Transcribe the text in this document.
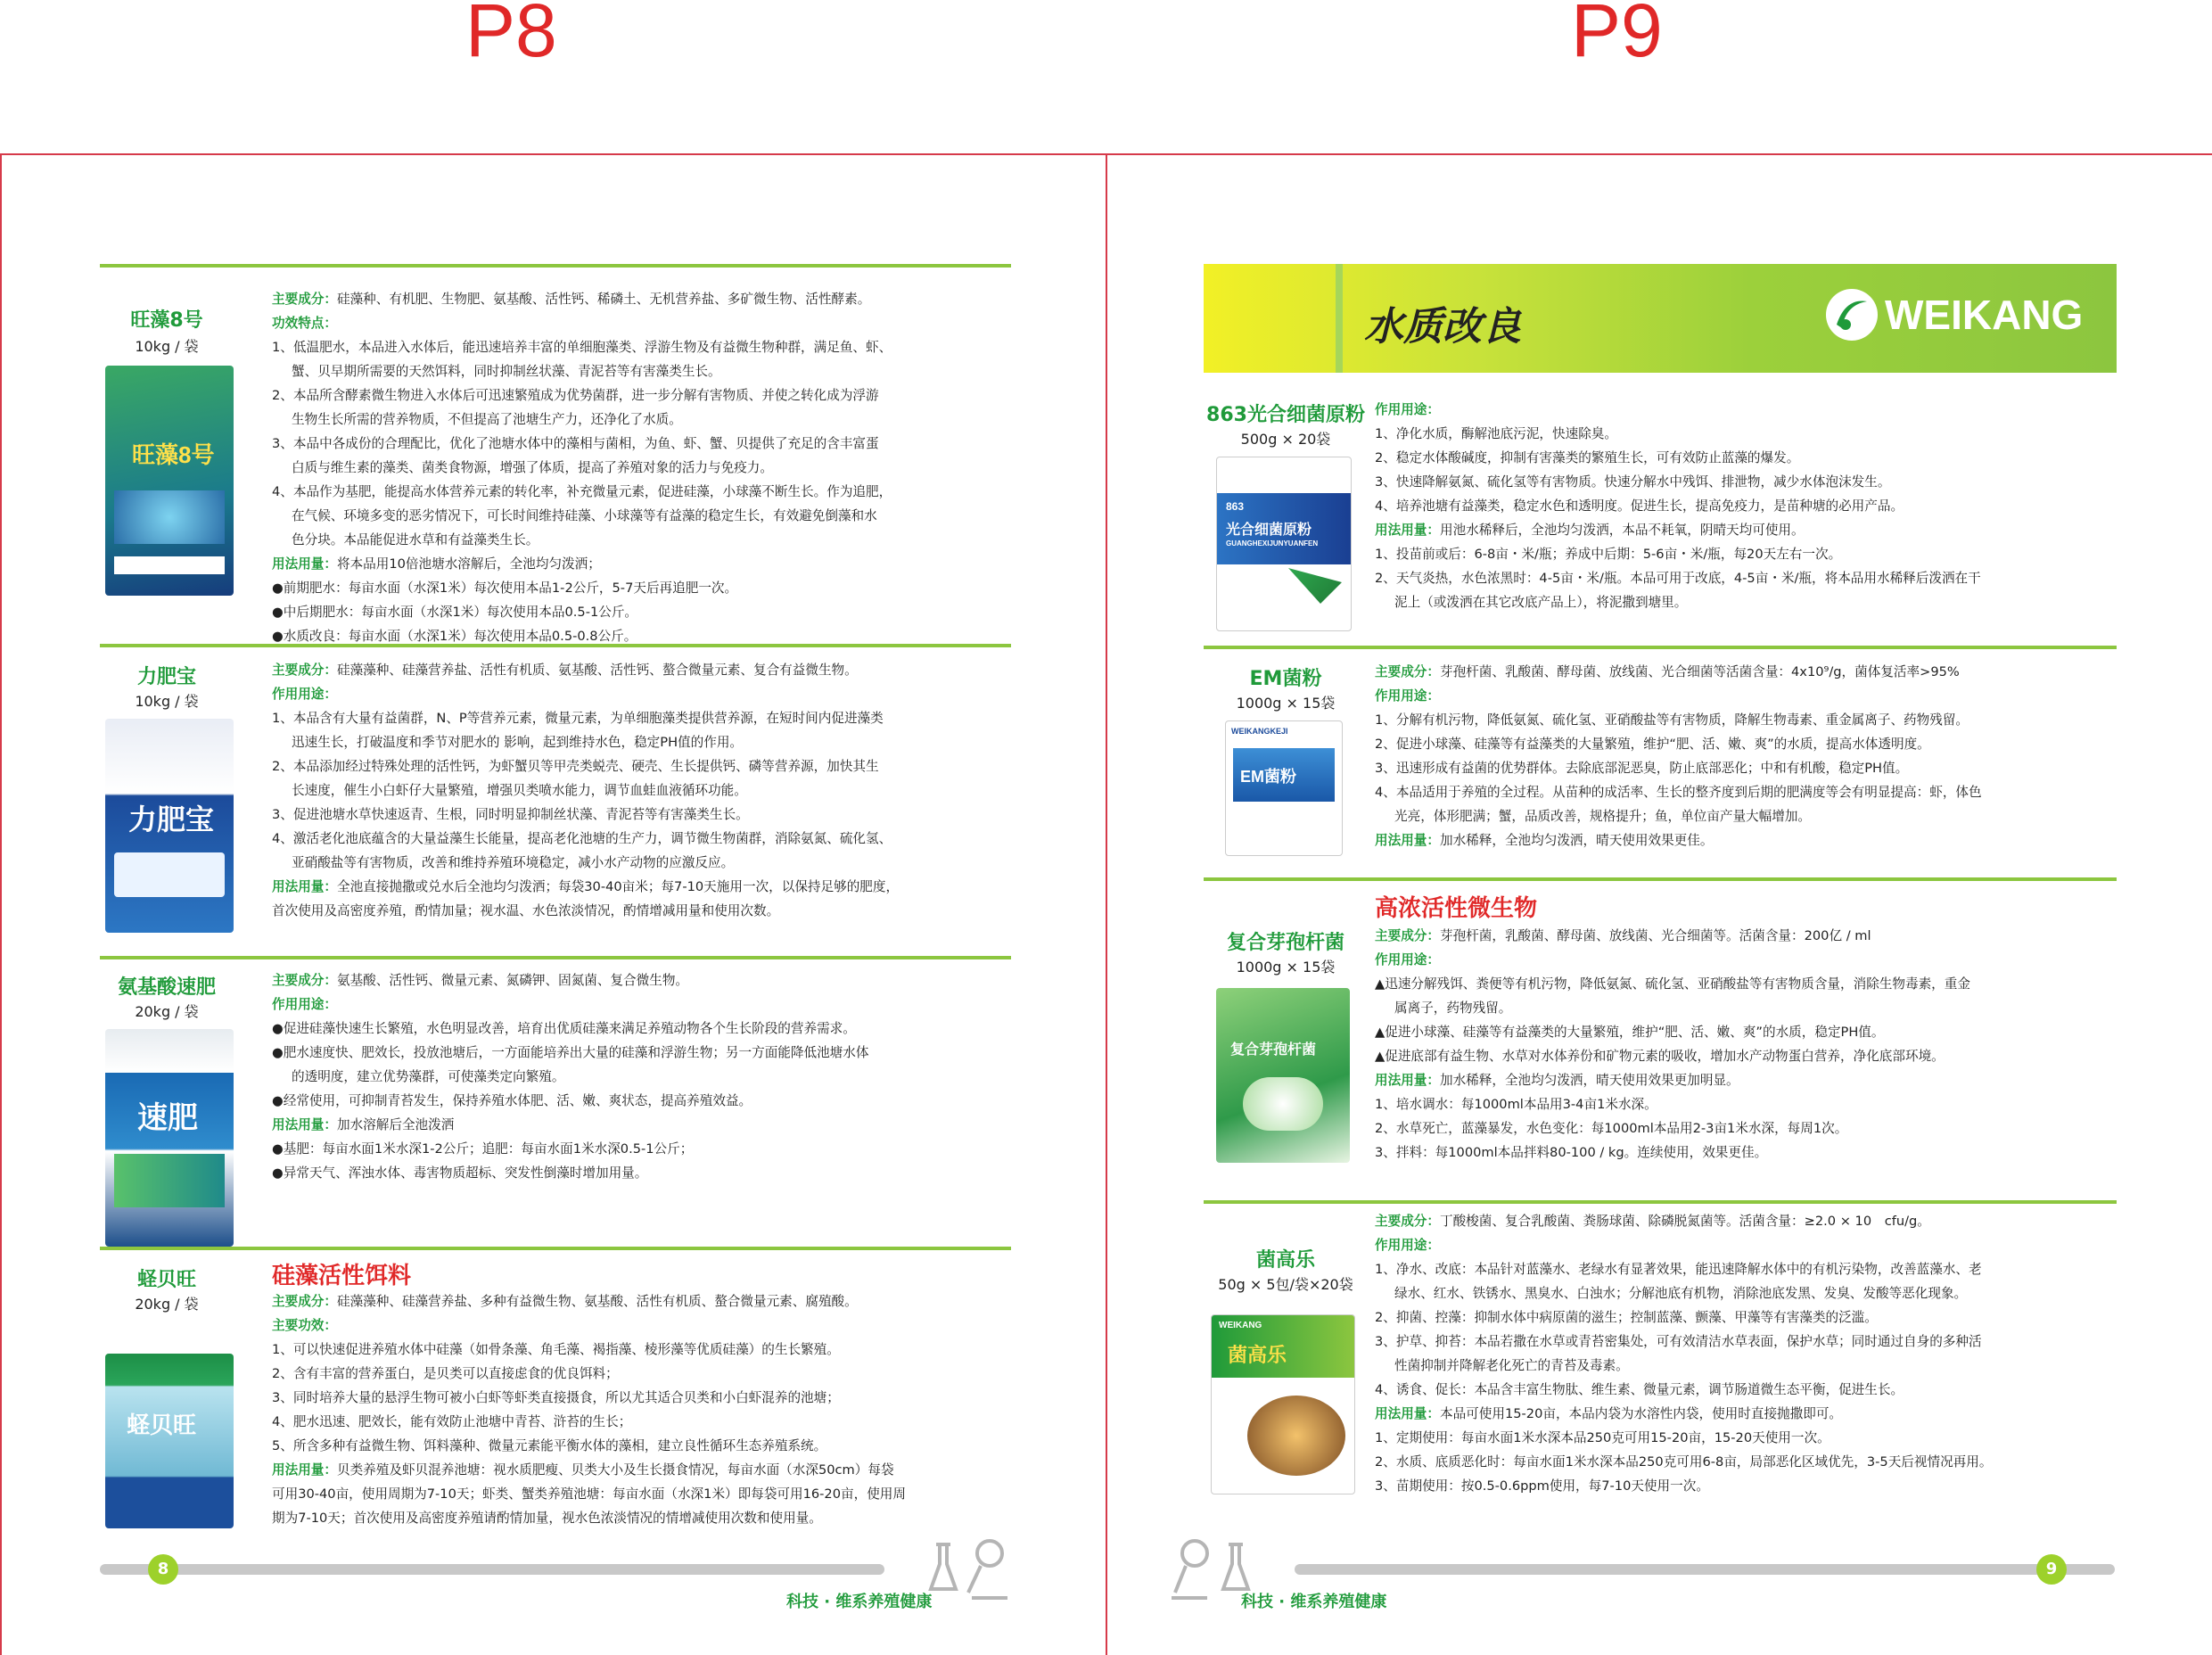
P8	P9
旺藻8号
10kg / 袋
旺藻8号

主要成分：硅藻种、有机肥、生物肥、氨基酸、活性钙、稀磷土、无机营养盐、多矿微生物、活性酵素。

功效特点：

1、低温肥水，本品进入水体后，能迅速培养丰富的单细胞藻类、浮游生物及有益微生物种群，满足鱼、虾、

蟹、贝早期所需要的天然饵料，同时抑制丝状藻、青泥苔等有害藻类生长。

2、本品所含酵素微生物进入水体后可迅速繁殖成为优势菌群，进一步分解有害物质、并使之转化成为浮游

生物生长所需的营养物质，不但提高了池塘生产力，还净化了水质。

3、本品中各成份的合理配比，优化了池塘水体中的藻相与菌相，为鱼、虾、蟹、贝提供了充足的含丰富蛋

白质与维生素的藻类、菌类食物源，增强了体质，提高了养殖对象的活力与免疫力。

4、本品作为基肥，能提高水体营养元素的转化率，补充微量元素，促进硅藻，小球藻不断生长。作为追肥，

在气候、环境多变的恶劣情况下，可长时间维持硅藻、小球藻等有益藻的稳定生长，有效避免倒藻和水

色分块。本品能促进水草和有益藻类生长。

用法用量：将本品用10倍池塘水溶解后，全池均匀泼洒；

●前期肥水：每亩水面（水深1米）每次使用本品1-2公斤，5-7天后再追肥一次。

●中后期肥水：每亩水面（水深1米）每次使用本品0.5-1公斤。

●水质改良：每亩水面（水深1米）每次使用本品0.5-0.8公斤。

力肥宝
10kg / 袋
力肥宝

主要成分：硅藻藻种、硅藻营养盐、活性有机质、氨基酸、活性钙、螯合微量元素、复合有益微生物。

作用用途：

1、本品含有大量有益菌群，N、P等营养元素，微量元素，为单细胞藻类提供营养源，在短时间内促进藻类

迅速生长，打破温度和季节对肥水的 影响，起到维持水色，稳定PH值的作用。

2、本品添加经过特殊处理的活性钙，为虾蟹贝等甲壳类蜕壳、硬壳、生长提供钙、磷等营养源，加快其生

长速度，催生小白虾仔大量繁殖，增强贝类喷水能力，调节血蛙血液循环功能。

3、促进池塘水草快速返青、生根，同时明显抑制丝状藻、青泥苔等有害藻类生长。

4、激活老化池底蕴含的大量益藻生长能量，提高老化池塘的生产力，调节微生物菌群，消除氨氮、硫化氢、

亚硝酸盐等有害物质，改善和维持养殖环境稳定，减小水产动物的应激反应。

用法用量：全池直接抛撒或兑水后全池均匀泼洒；每袋30-40亩米；每7-10天施用一次，以保持足够的肥度，

首次使用及高密度养殖，酌情加量；视水温、水色浓淡情况，酌情增减用量和使用次数。

氨基酸速肥
20kg / 袋
速肥

主要成分：氨基酸、活性钙、微量元素、氮磷钾、固氮菌、复合微生物。

作用用途：

●促进硅藻快速生长繁殖，水色明显改善，培育出优质硅藻来满足养殖动物各个生长阶段的营养需求。

●肥水速度快、肥效长，投放池塘后，一方面能培养出大量的硅藻和浮游生物；另一方面能降低池塘水体

的透明度，建立优势藻群，可使藻类定向繁殖。

●经常使用，可抑制青苔发生，保持养殖水体肥、活、嫩、爽状态，提高养殖效益。

用法用量：加水溶解后全池泼洒

●基肥：每亩水面1米水深1-2公斤；追肥：每亩水面1米水深0.5-1公斤；

●异常天气、浑浊水体、毒害物质超标、突发性倒藻时增加用量。

蛏贝旺
20kg / 袋
蛏贝旺
硅藻活性饵料

主要成分：硅藻藻种、硅藻营养盐、多种有益微生物、氨基酸、活性有机质、螯合微量元素、腐殖酸。

主要功效：

1、可以快速促进养殖水体中硅藻（如骨条藻、角毛藻、褐指藻、棱形藻等优质硅藻）的生长繁殖。

2、含有丰富的营养蛋白，是贝类可以直接虑食的优良饵料；

3、同时培养大量的悬浮生物可被小白虾等虾类直接摄食，所以尤其适合贝类和小白虾混养的池塘；

4、肥水迅速、肥效长，能有效防止池塘中青苔、浒苔的生长；

5、所含多种有益微生物、饵料藻种、微量元素能平衡水体的藻相，建立良性循环生态养殖系统。

用法用量：贝类养殖及虾贝混养池塘：视水质肥瘦、贝类大小及生长摄食情况，每亩水面（水深50cm）每袋

可用30-40亩，使用周期为7-10天；虾类、蟹类养殖池塘：每亩水面（水深1米）即每袋可用16-20亩，使用周

期为7-10天；首次使用及高密度养殖请酌情加量，视水色浓淡情况的情增减使用次数和使用量。

8
科技 · 维系养殖健康
水质改良	WEIKANG
863光合细菌原粉
500g × 20袋
863
光合细菌原粉
GUANGHEXIJUNYUANFEN

作用用途：

1、净化水质，酶解池底污泥，快速除臭。

2、稳定水体酸碱度，抑制有害藻类的繁殖生长，可有效防止蓝藻的爆发。

3、快速降解氨氮、硫化氢等有害物质。快速分解水中残饵、排泄物，减少水体泡沫发生。

4、培养池塘有益藻类，稳定水色和透明度。促进生长，提高免疫力，是苗种塘的必用产品。

用法用量：用池水稀释后，全池均匀泼洒，本品不耗氧，阴晴天均可使用。

1、投苗前或后：6-8亩・米/瓶；养成中后期：5-6亩・米/瓶，每20天左右一次。

2、天气炎热，水色浓黑时：4-5亩・米/瓶。本品可用于改底，4-5亩・米/瓶，将本品用水稀释后泼洒在干

泥上（或泼洒在其它改底产品上），将泥撒到塘里。

EM菌粉
1000g × 15袋
WEIKANGKEJI
EM菌粉

主要成分：芽孢杆菌、乳酸菌、酵母菌、放线菌、光合细菌等活菌含量：4x10⁹/g，菌体复活率>95%

作用用途：

1、分解有机污物，降低氨氮、硫化氢、亚硝酸盐等有害物质，降解生物毒素、重金属离子、药物残留。

2、促进小球藻、硅藻等有益藻类的大量繁殖，维护“肥、活、嫩、爽”的水质，提高水体透明度。

3、迅速形成有益菌的优势群体。去除底部泥恶臭，防止底部恶化；中和有机酸，稳定PH值。

4、本品适用于养殖的全过程。从苗种的成活率、生长的整齐度到后期的肥满度等会有明显提高：虾，体色

光亮，体形肥满；蟹，品质改善，规格提升；鱼，单位亩产量大幅增加。

用法用量：加水稀释，全池均匀泼洒，晴天使用效果更佳。

复合芽孢杆菌
1000g × 15袋
复合芽孢杆菌
高浓活性微生物

主要成分：芽孢杆菌，乳酸菌、酵母菌、放线菌、光合细菌等。活菌含量：200亿 / ml

作用用途：

▲迅速分解残饵、粪便等有机污物，降低氨氮、硫化氢、亚硝酸盐等有害物质含量，消除生物毒素，重金

属离子，药物残留。

▲促进小球藻、硅藻等有益藻类的大量繁殖，维护“肥、活、嫩、爽”的水质，稳定PH值。

▲促进底部有益生物、水草对水体养份和矿物元素的吸收，增加水产动物蛋白营养，净化底部环境。

用法用量：加水稀释，全池均匀泼洒，晴天使用效果更加明显。

1、培水调水：每1000ml本品用3-4亩1米水深。

2、水草死亡，蓝藻暴发，水色变化：每1000ml本品用2-3亩1米水深，每周1次。

3、拌料：每1000ml本品拌料80-100 / kg。连续使用，效果更佳。

菌高乐
50g × 5包/袋×20袋
WEIKANG
菌高乐

主要成分：丁酸梭菌、复合乳酸菌、粪肠球菌、除磷脱氮菌等。活菌含量：≥2.0 × 10　cfu/g。

作用用途：

1、净水、改底：本品针对蓝藻水、老绿水有显著效果，能迅速降解水体中的有机污染物，改善蓝藻水、老

绿水、红水、铁锈水、黑臭水、白浊水；分解池底有机物，消除池底发黑、发臭、发酸等恶化现象。

2、抑菌、控藻：抑制水体中病原菌的滋生；控制蓝藻、颤藻、甲藻等有害藻类的泛滥。

3、护草、抑苔：本品若撒在水草或青苔密集处，可有效清洁水草表面，保护水草；同时通过自身的多种活

性菌抑制并降解老化死亡的青苔及毒素。

4、诱食、促长：本品含丰富生物肽、维生素、微量元素，调节肠道微生态平衡，促进生长。

用法用量：本品可使用15-20亩，本品内袋为水溶性内袋，使用时直接抛撒即可。

1、定期使用：每亩水面1米水深本品250克可用15-20亩，15-20天使用一次。

2、水质、底质恶化时：每亩水面1米水深本品250克可用6-8亩，局部恶化区域优先，3-5天后视情况再用。

3、苗期使用：按0.5-0.6ppm使用，每7-10天使用一次。

9
科技 · 维系养殖健康
